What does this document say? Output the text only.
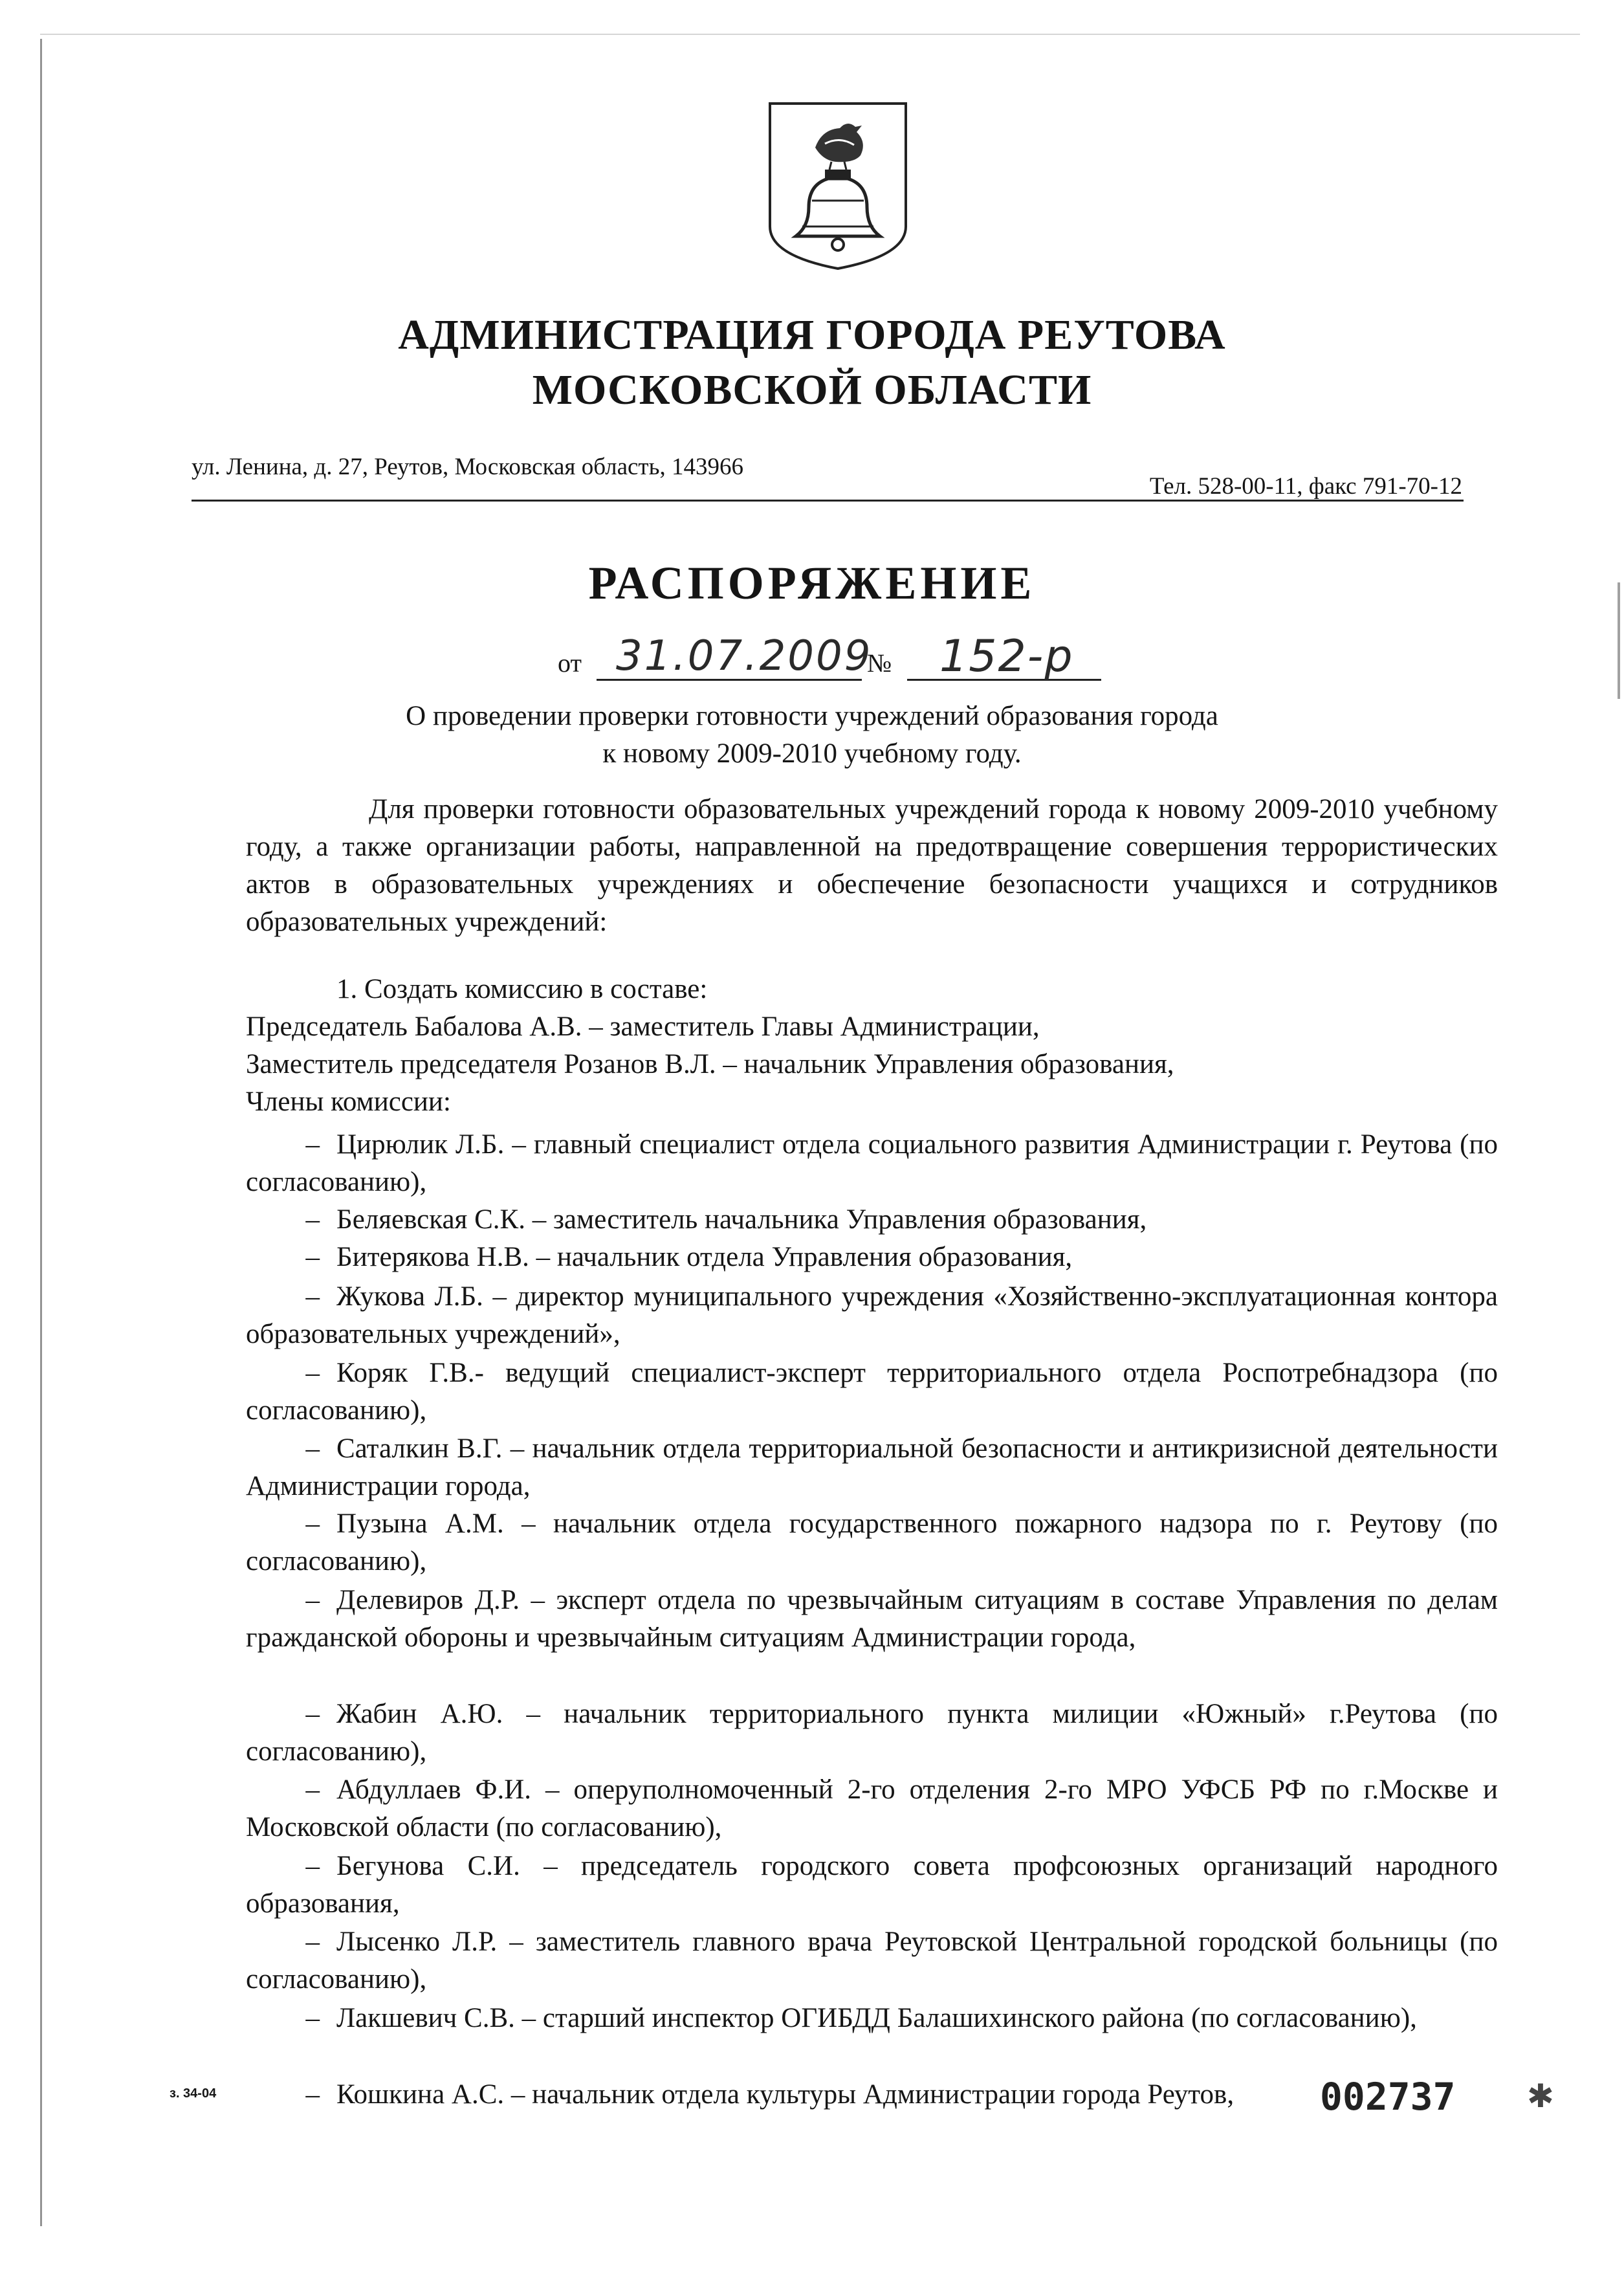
АДМИНИСТРАЦИЯ ГОРОДА РЕУТОВА
МОСКОВСКОЙ ОБЛАСТИ
ул. Ленина, д. 27, Реутов, Московская область, 143966
Тел. 528-00-11, факс 791-70-12
РАСПОРЯЖЕНИЕ
от 31.07.2009
№ 152-р
О проведении проверки готовности учреждений образования города
к новому 2009-2010 учебному году.
Для проверки готовности образовательных учреждений города к новому 2009-2010 учебному году, а также организации работы, направленной на предотвращение совершения террористических актов в образовательных учреждениях и обеспечение безопасности учащихся и сотрудников образовательных учреждений:
1. Создать комиссию в составе:
Председатель Бабалова А.В. – заместитель Главы Администрации,
Заместитель председателя Розанов В.Л. – начальник Управления образования,
Члены комиссии:
– Цирюлик Л.Б. – главный специалист отдела социального развития Администрации г. Реутова (по согласованию),
– Беляевская С.К. – заместитель начальника Управления образования,
– Битерякова Н.В. – начальник отдела Управления образования,
– Жукова Л.Б. – директор муниципального учреждения «Хозяйственно-эксплуатационная контора образовательных учреждений»,
– Коряк Г.В.- ведущий специалист-эксперт территориального отдела Роспотребнадзора (по согласованию),
– Саталкин В.Г. – начальник отдела территориальной безопасности и антикризисной деятельности Администрации города,
– Пузына А.М. – начальник отдела государственного пожарного надзора по г. Реутову (по согласованию),
– Делевиров Д.Р. – эксперт отдела по чрезвычайным ситуациям в составе Управления по делам гражданской обороны и чрезвычайным ситуациям Администрации города,
– Жабин А.Ю. – начальник территориального пункта милиции «Южный» г.Реутова (по согласованию),
– Абдуллаев Ф.И. – оперуполномоченный 2-го отделения 2-го МРО УФСБ РФ по г.Москве и Московской области (по согласованию),
– Бегунова С.И. – председатель городского совета профсоюзных организаций народного образования,
– Лысенко Л.Р. – заместитель главного врача Реутовской Центральной городской больницы (по согласованию),
– Лакшевич С.В. – старший инспектор ОГИБДД Балашихинского района (по согласованию),
– Кошкина А.С. – начальник отдела культуры Администрации города Реутов,
з. 34-04	002737 ✱
